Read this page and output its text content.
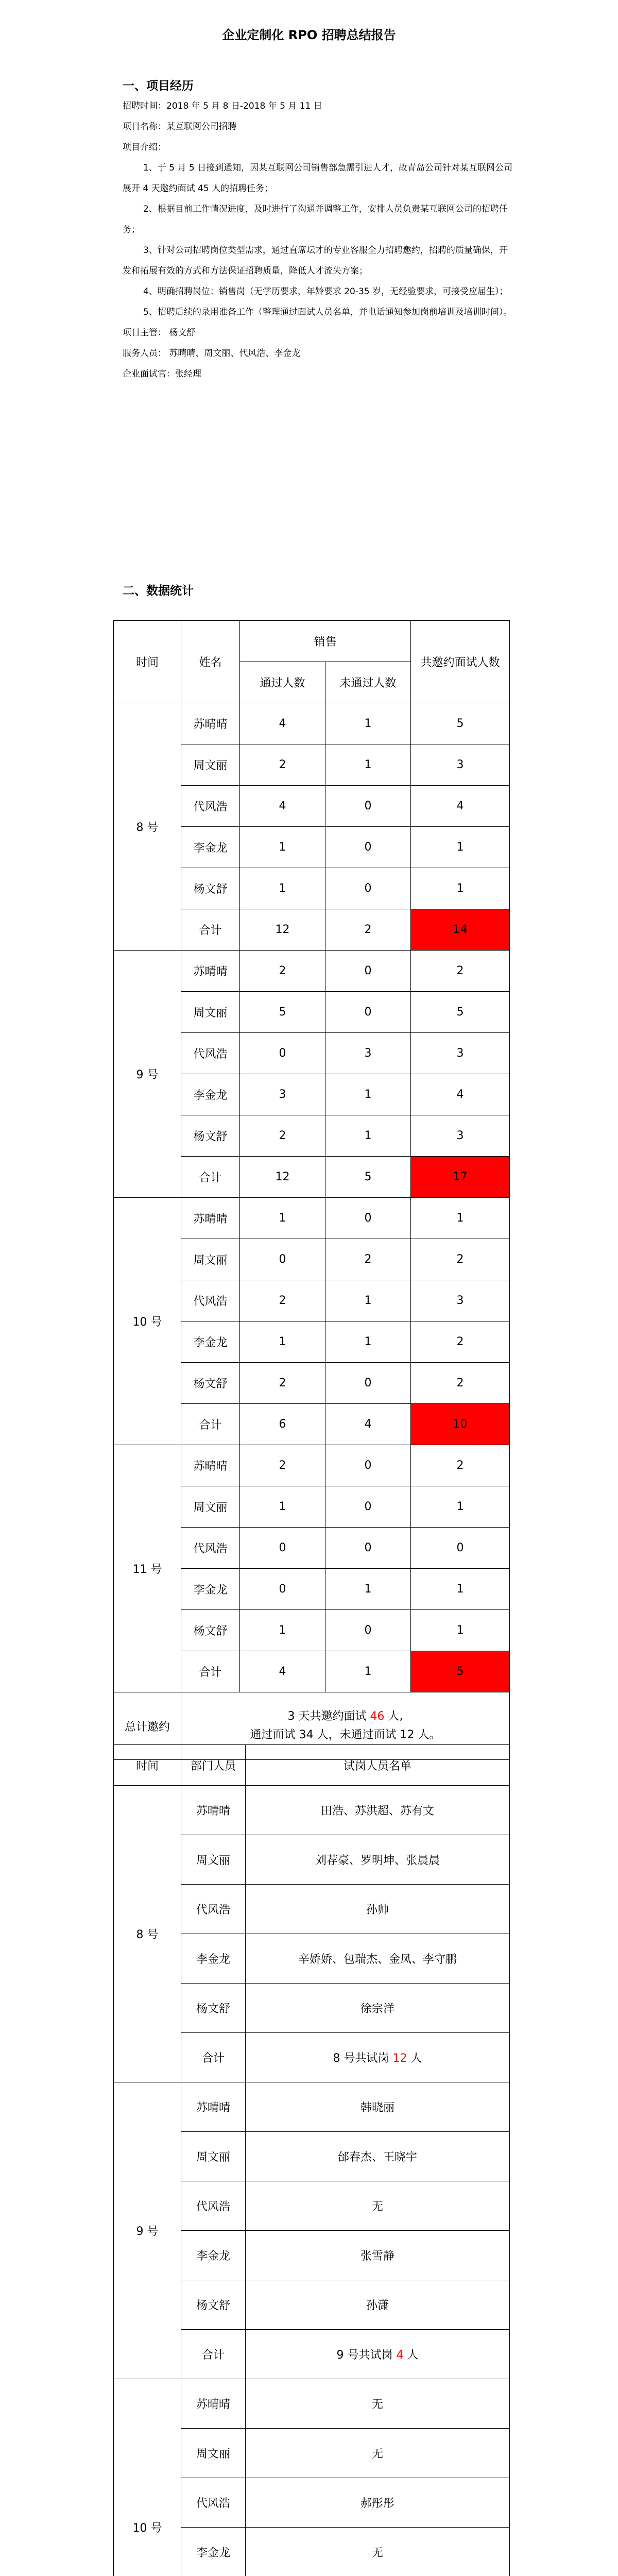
企业定制化 RPO 招聘总结报告
一、项目经历

招聘时间：2018 年 5 月 8 日-2018 年 5 月 11 日

项目名称：某互联网公司招聘

项目介绍：

1、于 5 月 5 日接到通知，因某互联网公司销售部急需引进人才，故青岛公司针对某互联网公司展开 4 天邀约面试 45 人的招聘任务；

2、根据目前工作情况进度，及时进行了沟通并调整工作，安排人员负责某互联网公司的招聘任务；

3、针对公司招聘岗位类型需求，通过直席坛才的专业客服全力招聘邀约，招聘的质量确保，开发和拓展有效的方式和方法保证招聘质量，降低人才流失方案；

4、明确招聘岗位：销售岗（无学历要求，年龄要求 20-35 岁，无经验要求，可接受应届生）；

5、招聘后续的录用准备工作（整理通过面试人员名单，并电话通知参加岗前培训及培训时间）。

项目主管： 杨文舒

服务人员： 苏晴晴、周文丽、代风浩、李金龙

企业面试官：张经理

二、数据统计
时间	姓名	销售		共邀约面试人数
		通过人数	未通过人数	
8 号	苏晴晴	4	1	5
	周文丽	2	1	3
	代风浩	4	0	4
	李金龙	1	0	1
	杨文舒	1	0	1
	合计	12	2	14
9 号	苏晴晴	2	0	2
	周文丽	5	0	5
	代风浩	0	3	3
	李金龙	3	1	4
	杨文舒	2	1	3
	合计	12	5	17
10 号	苏晴晴	1	0	1
	周文丽	0	2	2
	代风浩	2	1	3
	李金龙	1	1	2
	杨文舒	2	0	2
	合计	6	4	10
11 号	苏晴晴	2	0	2
	周文丽	1	0	1
	代风浩	0	0	0
	李金龙	0	1	1
	杨文舒	1	0	1
	合计	4	1	5
总计邀约	3 天共邀约面试 46 人,
通过面试 34 人，未通过面试 12 人。			
时间	部门人员	试岗人员名单
8 号	苏晴晴	田浩、苏洪超、苏有文
	周文丽	刘荐豪、罗明坤、张晨晨
	代风浩	孙帅
	李金龙	辛娇娇、包瑞杰、金凤、李守鹏
	杨文舒	徐宗洋
	合计	8 号共试岗 12 人
9 号	苏晴晴	韩晓丽
	周文丽	邰春杰、王晓宇
	代风浩	无
	李金龙	张雪静
	杨文舒	孙潇
	合计	9 号共试岗 4 人
10 号	苏晴晴	无
	周文丽	无
	代风浩	郝彤彤
	李金龙	无
